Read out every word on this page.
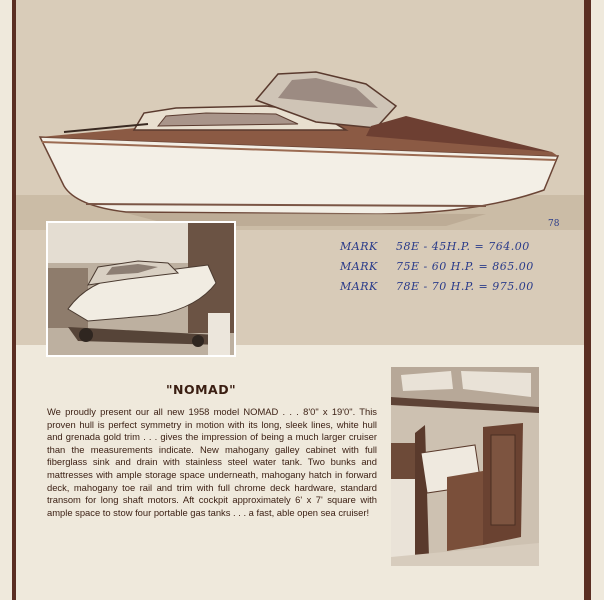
78
MARK 58E - 45H.P. = 764.00
MARK 75E - 60 H.P. = 865.00
MARK 78E - 70 H.P. = 975.00
"NOMAD"
We proudly present our all new 1958 model NOMAD . . . 8'0" x 19'0". This proven hull is perfect symmetry in motion with its long, sleek lines, white hull and grenada gold trim . . . gives the impression of being a much larger cruiser than the measurements indicate. New mahogany galley cabinet with full fiberglass sink and drain with stainless steel water tank. Two bunks and mattresses with ample storage space underneath, mahogany hatch in forward deck, mahogany toe rail and trim with full chrome deck hardware, standard transom for long shaft motors. Aft cockpit approximately 6' x 7' square with ample space to stow four portable gas tanks . . . a fast, able open sea cruiser!
